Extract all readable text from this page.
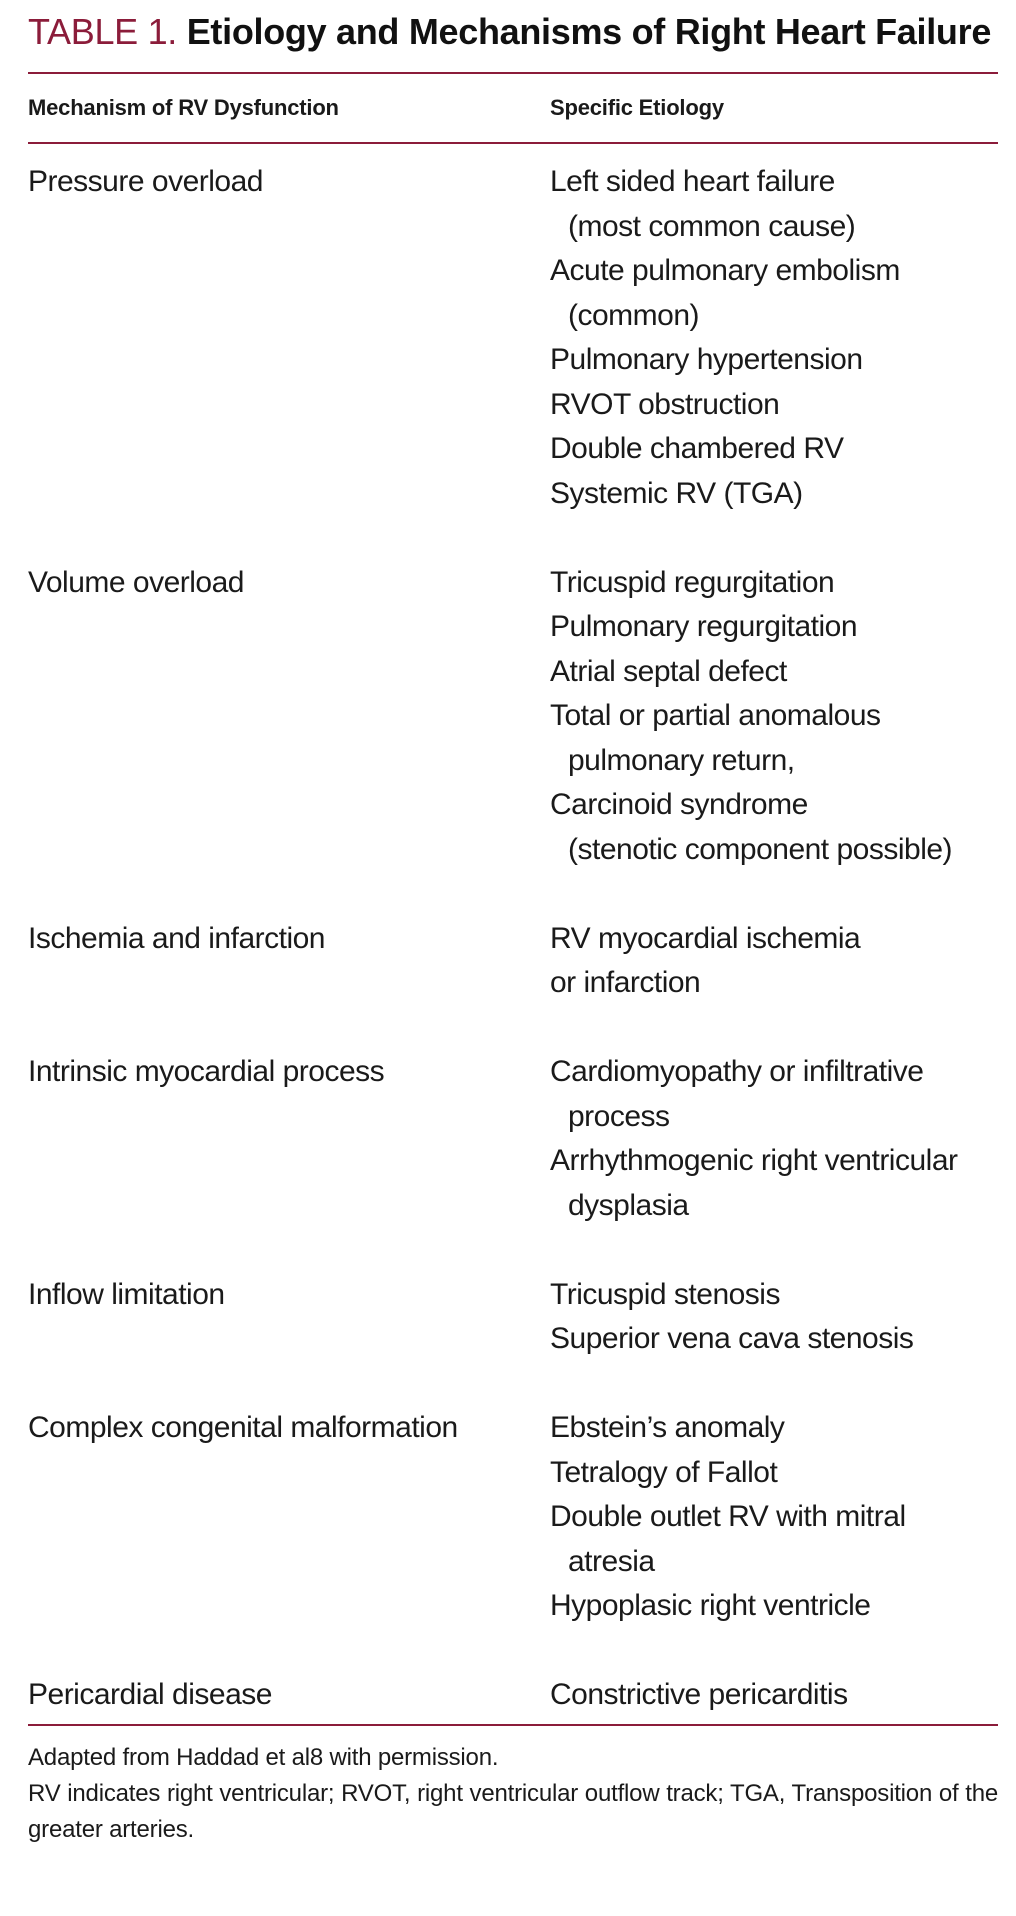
TABLE 1. Etiology and Mechanisms of Right Heart Failure
Mechanism of RV Dysfunction	Specific Etiology
Pressure overload	Left sided heart failure
(most common cause)
Acute pulmonary embolism
(common)
Pulmonary hypertension
RVOT obstruction
Double chambered RV
Systemic RV (TGA)
Volume overload	Tricuspid regurgitation
Pulmonary regurgitation
Atrial septal defect
Total or partial anomalous
pulmonary return,
Carcinoid syndrome
(stenotic component possible)
Ischemia and infarction	RV myocardial ischemia
or infarction
Intrinsic myocardial process	Cardiomyopathy or infiltrative
process
Arrhythmogenic right ventricular
dysplasia
Inflow limitation	Tricuspid stenosis
Superior vena cava stenosis
Complex congenital malformation	Ebstein’s anomaly
Tetralogy of Fallot
Double outlet RV with mitral
atresia
Hypoplasic right ventricle
Pericardial disease	Constrictive pericarditis
Adapted from Haddad et al8 with permission.
RV indicates right ventricular; RVOT, right ventricular outflow track; TGA, Transposition of the greater arteries.
